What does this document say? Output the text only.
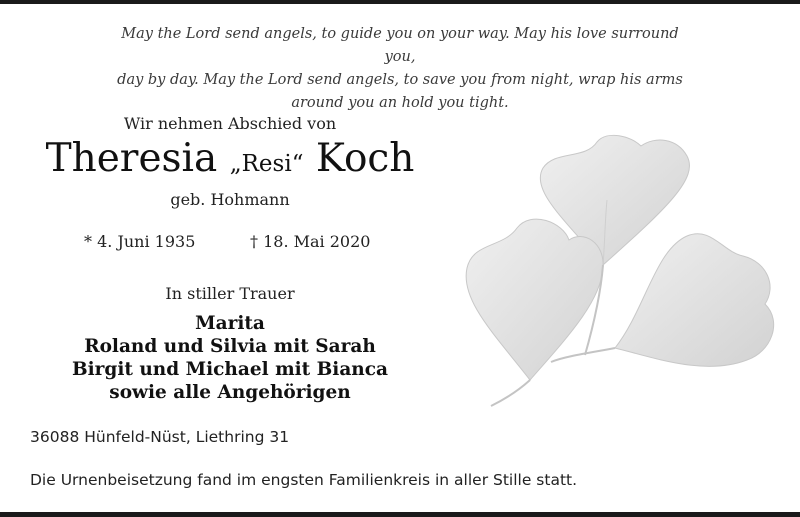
May the Lord send angels, to guide you on your way. May his love surround you,
day by day. May the Lord send angels, to save you from night, wrap his arms
around you an hold you tight.
Wir nehmen Abschied von
Theresia „Resi“ Koch
geb. Hohmann
* 4. Juni 1935	† 18. Mai 2020
In stiller Trauer
Marita
Roland und Silvia mit Sarah
Birgit und Michael mit Bianca
sowie alle Angehörigen
36088 Hünfeld-Nüst, Liethring 31
Die Urnenbeisetzung fand im engsten Familienkreis in aller Stille statt.
